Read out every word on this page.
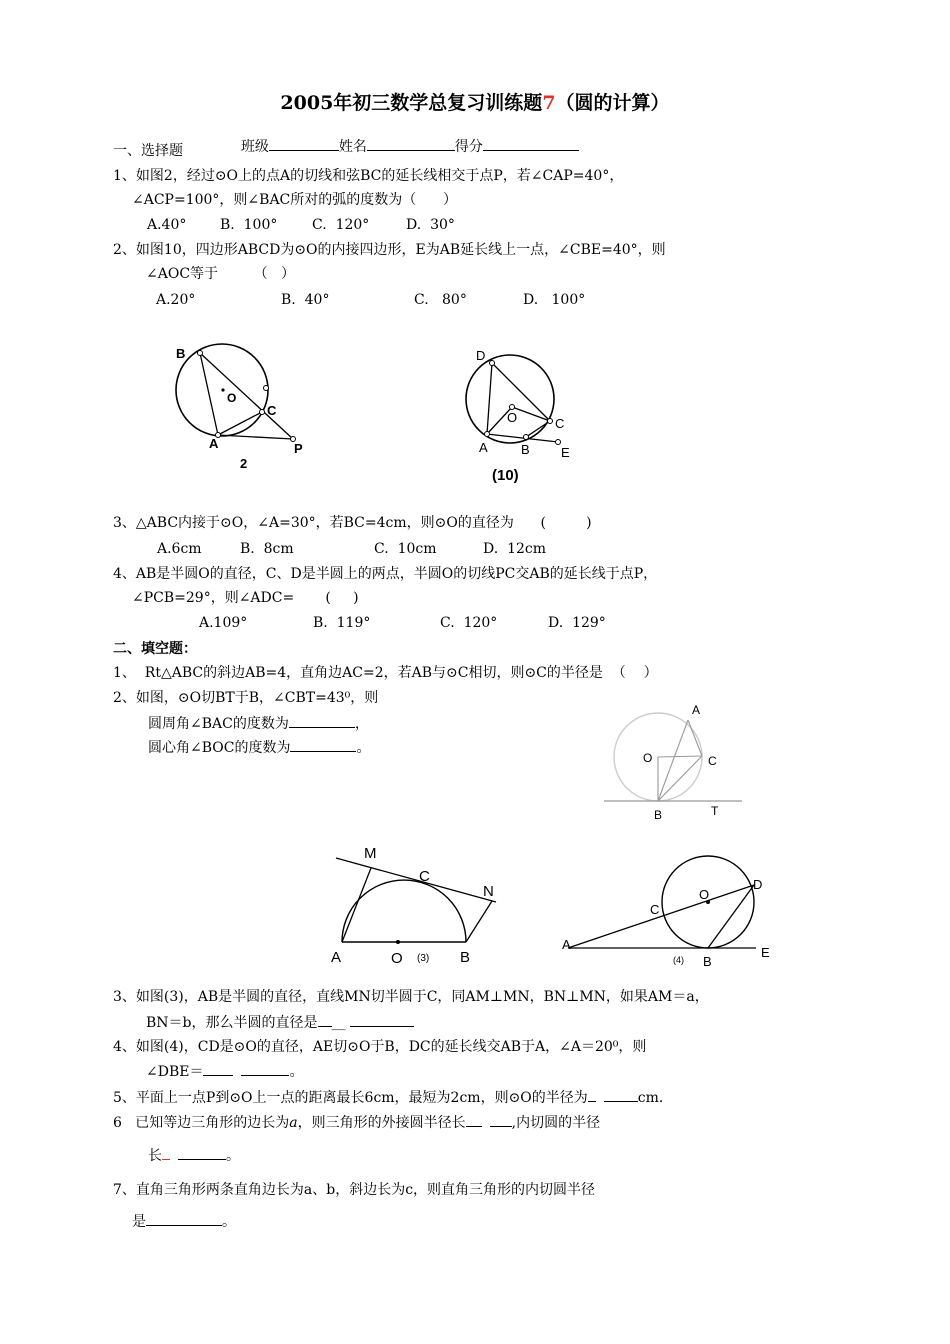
2005年初三数学总复习训练题7（圆的计算）

班级	姓名	得分

一、选择题
1、如图2，经过⊙O上的点A的切线和弦BC的延长线相交于点P，若∠CAP=40°，
∠ACP=100°，则∠BAC所对的弧的度数为（      ）
A.40° B.  100° C.  120°	D.  30°
2、如图10，四边形ABCD为⊙O的内接四边形，E为AB延长线上一点，∠CBE=40°，则
∠AOC等于        （   ）
A.20°	B.  40°	C.   80°	D.   100°
B
O
C
A	P
2
D
O	C
A	B E
(10)
3、△ABC内接于⊙O，∠A=30°，若BC=4cm，则⊙O的直径为      (         )
A.6cm	B.  8cm	C.  10cm	D.  12cm
4、AB是半圆O的直径，C、D是半圆上的两点，半圆O的切线PC交AB的延长线于点P，
∠PCB=29°，则∠ADC=       (     )
A.109°	B.  119°	C.  120°	D.  129°
二、填空题：
1、  Rt△ABC的斜边AB=4，直角边AC=2，若AB与⊙C相切，则⊙C的半径是  （    ）
2、如图，⊙O切BT于B，∠CBT=43⁰，则
圆周角∠BAC的度数为	，
圆心角∠BOC的度数为	。
A
O	C
B	T
M
C
N
A	O (3) B
C
O
D
A
B
(4)	E
3、如图(3)，AB是半圆的直径，直线MN切半圆于C，同AM⊥MN，BN⊥MN，如果AM＝a，
BN＝b，那么半圆的直径是 __
4、如图(4)，CD是⊙O的直径，AE切⊙O于B，DC的延长线交AB于A，∠A＝20⁰，则
∠DBE＝	。
5、平面上一点P到⊙O上一点的距离最长6cm，最短为2cm，则⊙O的半径为	cm.
6   已知等边三角形的边长为a，则三角形的外接圆半径长	,内切圆的半径
长	。
7、直角三角形两条直角边长为a、b，斜边长为c，则直角三角形的内切圆半径
是	。
